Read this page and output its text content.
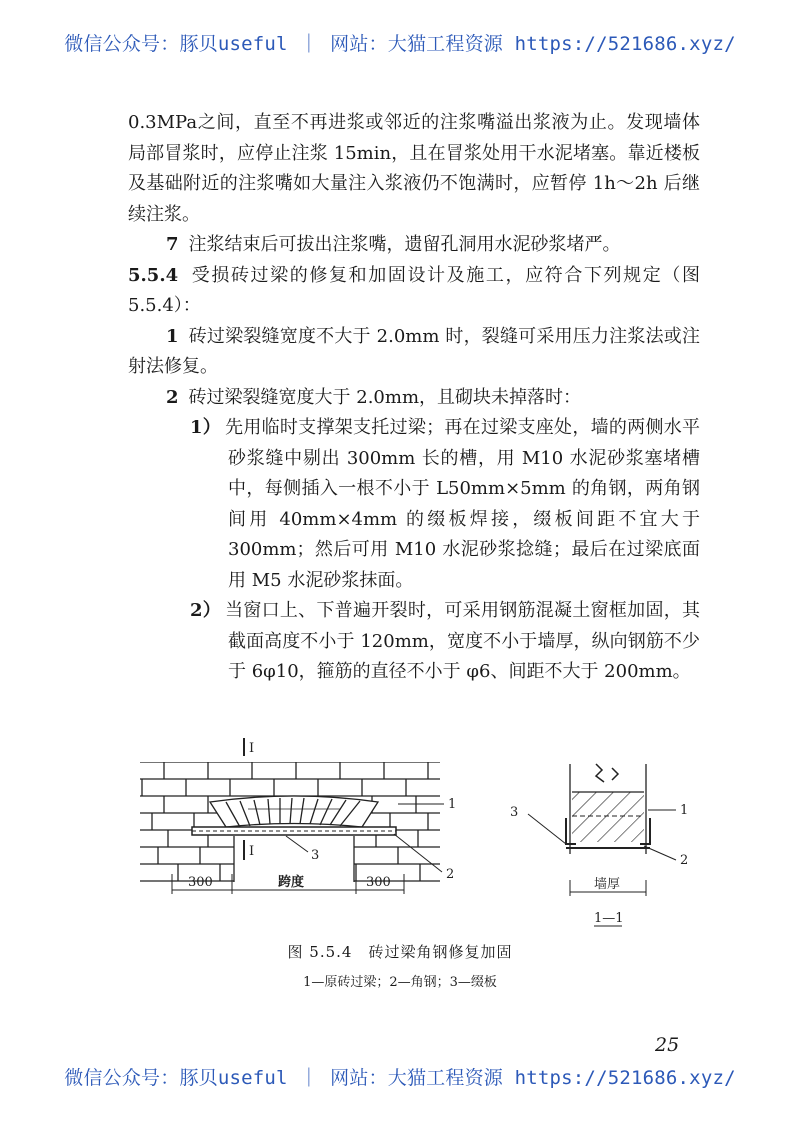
微信公众号：豚贝useful ｜ 网站：大猫工程资源 https://521686.xyz/

0.3MPa之间，直至不再进浆或邻近的注浆嘴溢出浆液为止。发现墙体局部冒浆时，应停止注浆 15min，且在冒浆处用干水泥堵塞。靠近楼板及基础附近的注浆嘴如大量注入浆液仍不饱满时，应暂停 1h～2h 后继续注浆。

7 注浆结束后可拔出注浆嘴，遗留孔洞用水泥砂浆堵严。

5.5.4 受损砖过梁的修复和加固设计及施工，应符合下列规定（图 5.5.4）：

1 砖过梁裂缝宽度不大于 2.0mm 时，裂缝可采用压力注浆法或注射法修复。

2 砖过梁裂缝宽度大于 2.0mm，且砌块未掉落时：

1） 先用临时支撑架支托过梁；再在过梁支座处，墙的两侧水平砂浆缝中剔出 300mm 长的槽，用 M10 水泥砂浆塞堵槽中，每侧插入一根不小于 L50mm×5mm 的角钢，两角钢间用 40mm×4mm 的缀板焊接，缀板间距不宜大于 300mm；然后可用 M10 水泥砂浆捻缝；最后在过梁底面用 M5 水泥砂浆抹面。

2） 当窗口上、下普遍开裂时，可采用钢筋混凝土窗框加固，其截面高度不小于 120mm，宽度不小于墙厚，纵向钢筋不少于 6φ10，箍筋的直径不小于 φ6、间距不大于 200mm。

Ⅰ
Ⅰ
1
3
2
300	跨度	300
1
2
3
墙厚
1—1
图 5.5.4　砖过梁角钢修复加固
1—原砖过梁；2—角钢；3—缀板
25
微信公众号：豚贝useful ｜ 网站：大猫工程资源 https://521686.xyz/
